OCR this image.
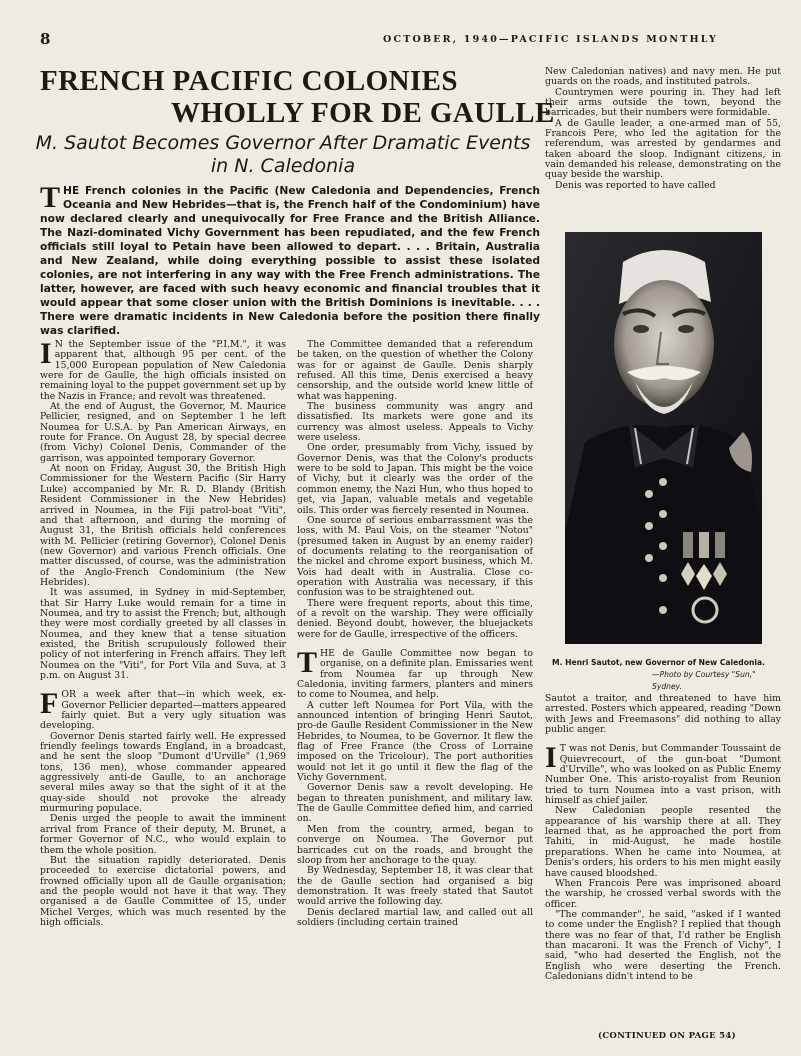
8	OCTOBER, 1940—PACIFIC ISLANDS MONTHLY
FRENCH PACIFIC COLONIES
WHOLLY FOR DE GAULLE
M. Sautot Becomes Governor After Dramatic Events
in N. Caledonia
THE French colonies in the Pacific (New Caledonia and Dependencies, French Oceania and New Hebrides—that is, the French half of the Condominium) have now declared clearly and unequivocally for Free France and the British Alliance. The Nazi-dominated Vichy Government has been repudiated, and the few French officials still loyal to Petain have been allowed to depart. . . . Britain, Australia and New Zealand, while doing everything possible to assist these isolated colonies, are not interfering in any way with the Free French administrations. The latter, however, are faced with such heavy economic and financial troubles that it would appear that some closer union with the British Dominions is inevitable. . . . There were dramatic incidents in New Caledonia before the position there finally was clarified.

I N the September issue of the "P.I.M.", it was apparent that, although 95 per cent. of the 15,000 European population of New Caledonia were for de Gaulle, the high officials insisted on remaining loyal to the puppet government set up by the Nazis in France; and revolt was threatened.

At the end of August, the Governor, M. Maurice Pellicier, resigned, and on September 1 he left Noumea for U.S.A. by Pan American Airways, en route for France. On August 28, by special decree (from Vichy) Colonel Denis, Commander of the garrison, was appointed temporary Governor.

At noon on Friday, August 30, the British High Commissioner for the Western Pacific (Sir Harry Luke) accompanied by Mr. R. D. Blandy (British Resident Commissioner in the New Hebrides) arrived in Noumea, in the Fiji patrol-boat "Viti", and that afternoon, and during the morning of August 31, the British officials held conferences with M. Pellicier (retiring Governor), Colonel Denis (new Governor) and various French officials. One matter discussed, of course, was the administration of the Anglo-French Condominium (the New Hebrides).

It was assumed, in Sydney in mid-September, that Sir Harry Luke would remain for a time in Noumea, and try to assist the French; but, although they were most cordially greeted by all classes in Noumea, and they knew that a tense situation existed, the British scrupulously followed their policy of not interfering in French affairs. They left Noumea on the "Viti", for Port Vila and Suva, at 3 p.m. on August 31.

FOR a week after that—in which week, ex-Governor Pellicier departed—matters appeared fairly quiet. But a very ugly situation was developing.

Governor Denis started fairly well. He expressed friendly feelings towards England, in a broadcast, and he sent the sloop "Dumont d'Urville" (1,969 tons, 136 men), whose commander appeared aggressively anti-de Gaulle, to an anchorage several miles away so that the sight of it at the quay-side should not provoke the already murmuring populace.

Denis urged the people to await the imminent arrival from France of their deputy, M. Brunet, a former Governor of N.C., who would explain to them the whole position.

But the situation rapidly deteriorated. Denis proceeded to exercise dictatorial powers, and frowned officially upon all de Gaulle organisation; and the people would not have it that way. They organised a de Gaulle Committee of 15, under Michel Verges, which was much resented by the high officials.

The Committee demanded that a referendum be taken, on the question of whether the Colony was for or against de Gaulle. Denis sharply refused. All this time, Denis exercised a heavy censorship, and the outside world knew little of what was happening.

The business community was angry and dissatisfied. Its markets were gone and its currency was almost useless. Appeals to Vichy were useless.

One order, presumably from Vichy, issued by Governor Denis, was that the Colony's products were to be sold to Japan. This might be the voice of Vichy, but it clearly was the order of the common enemy, the Nazi Hun, who thus hoped to get, via Japan, valuable metals and vegetable oils. This order was fiercely resented in Noumea.

One source of serious embarrassment was the loss, with M. Paul Vois, on the steamer "Notou" (presumed taken in August by an enemy raider) of documents relating to the reorganisation of the nickel and chrome export business, which M. Vois had dealt with in Australia. Close co-operation with Australia was necessary, if this confusion was to be straightened out.

There were frequent reports, about this time, of a revolt on the warship. They were officially denied. Beyond doubt, however, the bluejackets were for de Gaulle, irrespective of the officers.

THE de Gaulle Committee now began to organise, on a definite plan. Emissaries went from Noumea far up through New Caledonia, inviting farmers, planters and miners to come to Noumea, and help.

A cutter left Noumea for Port Vila, with the announced intention of bringing Henri Sautot, pro-de Gaulle Resident Commissioner in the New Hebrides, to Noumea, to be Governor. It flew the flag of Free France (the Cross of Lorraine imposed on the Tricolour). The port authorities would not let it go until it flew the flag of the Vichy Government.

Governor Denis saw a revolt developing. He began to threaten punishment, and military law. The de Gaulle Committee defied him, and carried on.

Men from the country, armed, began to converge on Noumea. The Governor put barricades cut on the roads, and brought the sloop from her anchorage to the quay.

By Wednesday, September 18, it was clear that the de Gaulle section had organised a big demonstration. It was freely stated that Sautot would arrive the following day.

Denis declared martial law, and called out all soldiers (including certain trained

New Caledonian natives) and navy men. He put guards on the roads, and instituted patrols.

Countrymen were pouring in. They had left their arms outside the town, beyond the barricades, but their numbers were formidable.

A de Gaulle leader, a one-armed man of 55, Francois Pere, who led the agitation for the referendum, was arrested by gendarmes and taken aboard the sloop. Indignant citizens, in vain demanded his release, demonstrating on the quay beside the warship.

Denis was reported to have called

M. Henri Sautot, new Governor of New Caledonia.
—Photo by Courtesy "Sun," Sydney.

Sautot a traitor, and threatened to have him arrested. Posters which appeared, reading "Down with Jews and Freemasons" did nothing to allay public anger.

I T was not Denis, but Commander Toussaint de Quievrecourt, of the gun-boat "Dumont d'Urville", who was looked on as Public Enemy Number One. This aristo-royalist from Reunion tried to turn Noumea into a vast prison, with himself as chief jailer.

New Caledonian people resented the appearance of his warship there at all. They learned that, as he approached the port from Tahiti, in mid-August, he made hostile preparations. When he came into Noumea, at Denis's orders, his orders to his men might easily have caused bloodshed.

When Francois Pere was imprisoned aboard the warship, he crossed verbal swords with the officer.

"The commander", he said, "asked if I wanted to come under the English? I replied that though there was no fear of that, I'd rather be English than macaroni. It was the French of Vichy", I said, "who had deserted the English, not the English who were deserting the French. Caledonians didn't intend to be

(CONTINUED ON PAGE 54)
